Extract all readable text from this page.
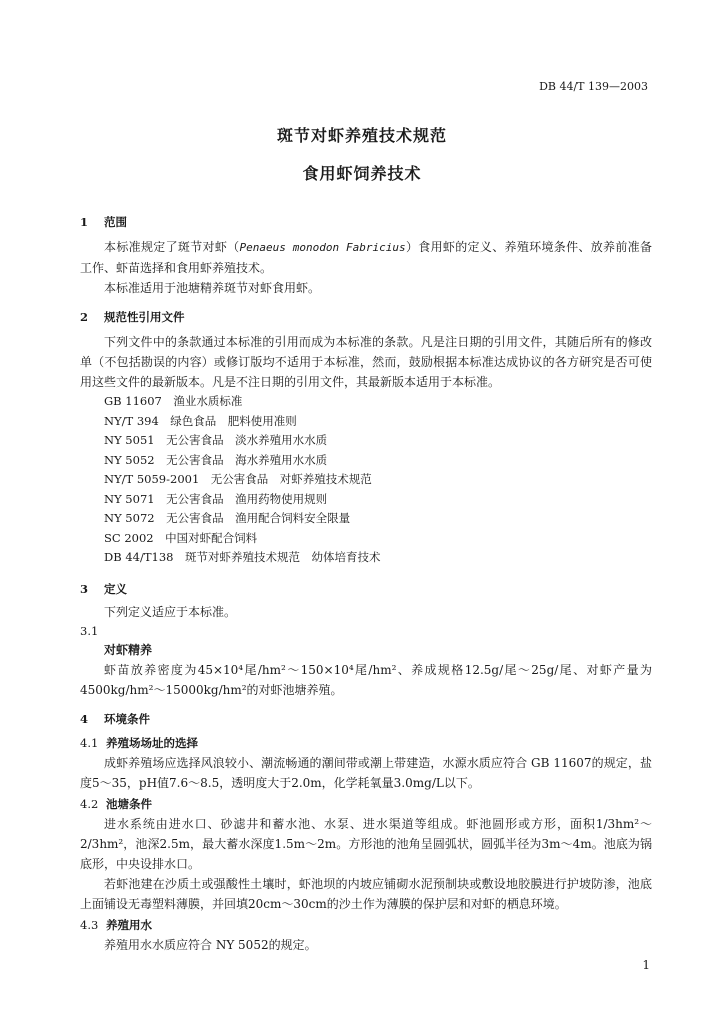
DB 44/T 139—2003
斑节对虾养殖技术规范
食用虾饲养技术
1 范围
本标准规定了斑节对虾（Penaeus monodon Fabricius）食用虾的定义、养殖环境条件、放养前准备工作、虾苗选择和食用虾养殖技术。
本标准适用于池塘精养斑节对虾食用虾。
2 规范性引用文件
下列文件中的条款通过本标准的引用而成为本标准的条款。凡是注日期的引用文件，其随后所有的修改单（不包括勘误的内容）或修订版均不适用于本标准，然而，鼓励根据本标准达成协议的各方研究是否可使用这些文件的最新版本。凡是不注日期的引用文件，其最新版本适用于本标准。
GB 11607　渔业水质标准
NY/T 394　绿色食品　肥料使用准则
NY 5051　无公害食品　淡水养殖用水水质
NY 5052　无公害食品　海水养殖用水水质
NY/T 5059-2001　无公害食品　对虾养殖技术规范
NY 5071　无公害食品　渔用药物使用规则
NY 5072　无公害食品　渔用配合饲料安全限量
SC 2002　中国对虾配合饲料
DB 44/T138　斑节对虾养殖技术规范　幼体培育技术
3 定义
下列定义适应于本标准。
3.1
对虾精养
虾苗放养密度为45×10⁴尾/hm²～150×10⁴尾/hm²、养成规格12.5g/尾～25g/尾、对虾产量为4500kg/hm²～15000kg/hm²的对虾池塘养殖。
4 环境条件
4.1 养殖场场址的选择
成虾养殖场应选择风浪较小、潮流畅通的潮间带或潮上带建造，水源水质应符合 GB 11607的规定，盐度5～35，pH值7.6～8.5，透明度大于2.0m，化学耗氧量3.0mg/L以下。
4.2 池塘条件
进水系统由进水口、砂滤井和蓄水池、水泵、进水渠道等组成。虾池圆形或方形，面积1/3hm²～2/3hm²，池深2.5m，最大蓄水深度1.5m～2m。方形池的池角呈圆弧状，圆弧半径为3m～4m。池底为锅底形，中央设排水口。
若虾池建在沙质土或强酸性土壤时，虾池坝的内坡应铺砌水泥预制块或敷设地胶膜进行护坡防渗，池底上面铺设无毒塑料薄膜，并回填20cm～30cm的沙土作为薄膜的保护层和对虾的栖息环境。
4.3 养殖用水
养殖用水水质应符合 NY 5052的规定。
1
